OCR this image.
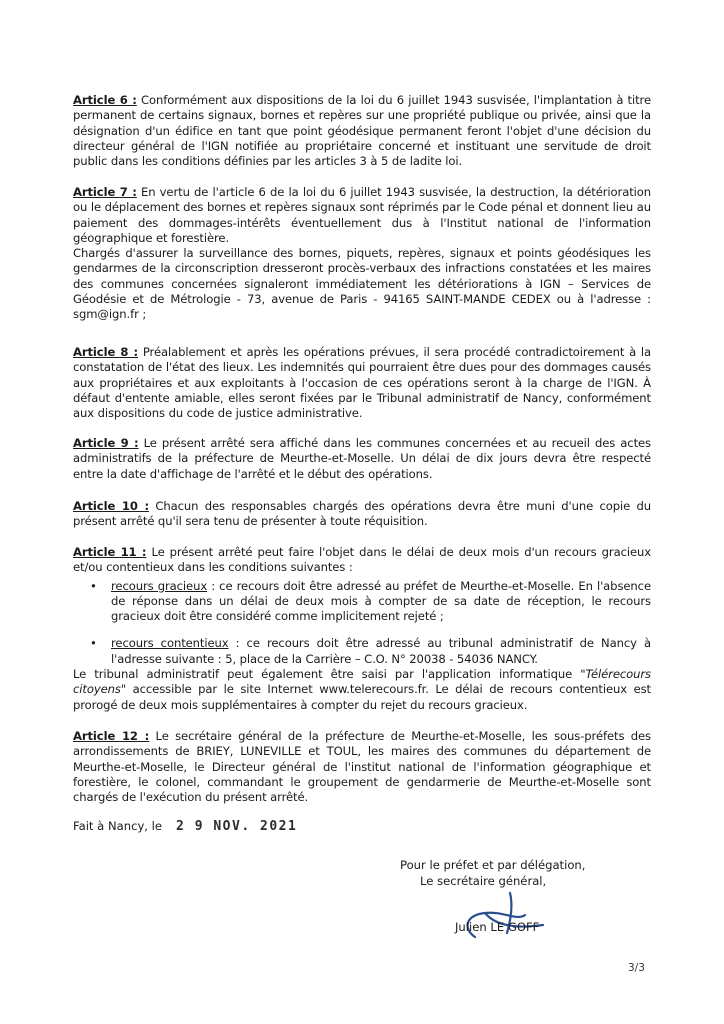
Article 6 : Conformément aux dispositions de la loi du 6 juillet 1943 susvisée, l'implantation à titre permanent de certains signaux, bornes et repères sur une propriété publique ou privée, ainsi que la désignation d'un édifice en tant que point géodésique permanent feront l'objet d'une décision du directeur général de l'IGN notifiée au propriétaire concerné et instituant une servitude de droit public dans les conditions définies par les articles 3 à 5 de ladite loi.

Article 7 : En vertu de l'article 6 de la loi du 6 juillet 1943 susvisée, la destruction, la détérioration ou le déplacement des bornes et repères signaux sont réprimés par le Code pénal et donnent lieu au paiement des dommages-intérêts éventuellement dus à l'Institut national de l'information géographique et forestière.

Chargés d'assurer la surveillance des bornes, piquets, repères, signaux et points géodésiques les gendarmes de la circonscription dresseront procès-verbaux des infractions constatées et les maires des communes concernées signaleront immédiatement les détériorations à IGN – Services de Géodésie et de Métrologie - 73, avenue de Paris - 94165 SAINT-MANDE CEDEX ou à l'adresse : sgm@ign.fr ;

Article 8 : Préalablement et après les opérations prévues, il sera procédé contradictoirement à la constatation de l'état des lieux. Les indemnités qui pourraient être dues pour des dommages causés aux propriétaires et aux exploitants à l'occasion de ces opérations seront à la charge de l'IGN. À défaut d'entente amiable, elles seront fixées par le Tribunal administratif de Nancy, conformément aux dispositions du code de justice administrative.

Article 9 : Le présent arrêté sera affiché dans les communes concernées et au recueil des actes administratifs de la préfecture de Meurthe-et-Moselle. Un délai de dix jours devra être respecté entre la date d'affichage de l'arrêté et le début des opérations.

Article 10 : Chacun des responsables chargés des opérations devra être muni d'une copie du présent arrêté qu'il sera tenu de présenter à toute réquisition.

Article 11 : Le présent arrêté peut faire l'objet dans le délai de deux mois d'un recours gracieux et/ou contentieux dans les conditions suivantes :

• recours gracieux : ce recours doit être adressé au préfet de Meurthe-et-Moselle. En l'absence de réponse dans un délai de deux mois à compter de sa date de réception, le recours gracieux doit être considéré comme implicitement rejeté ;
• recours contentieux : ce recours doit être adressé au tribunal administratif de Nancy à l'adresse suivante : 5, place de la Carrière – C.O. N° 20038 - 54036 NANCY.

Le tribunal administratif peut également être saisi par l'application informatique "Télérecours citoyens" accessible par le site Internet www.telerecours.fr. Le délai de recours contentieux est prorogé de deux mois supplémentaires à compter du rejet du recours gracieux.

Article 12 : Le secrétaire général de la préfecture de Meurthe-et-Moselle, les sous-préfets des arrondissements de BRIEY, LUNEVILLE et TOUL, les maires des communes du département de Meurthe-et-Moselle, le Directeur général de l'institut national de l'information géographique et forestière, le colonel, commandant le groupement de gendarmerie de Meurthe-et-Moselle sont chargés de l'exécution du présent arrêté.

Fait à Nancy, le 2 9 NOV. 2021
Pour le préfet et par délégation,
Le secrétaire général,
Julien LE GOFF
3/3
